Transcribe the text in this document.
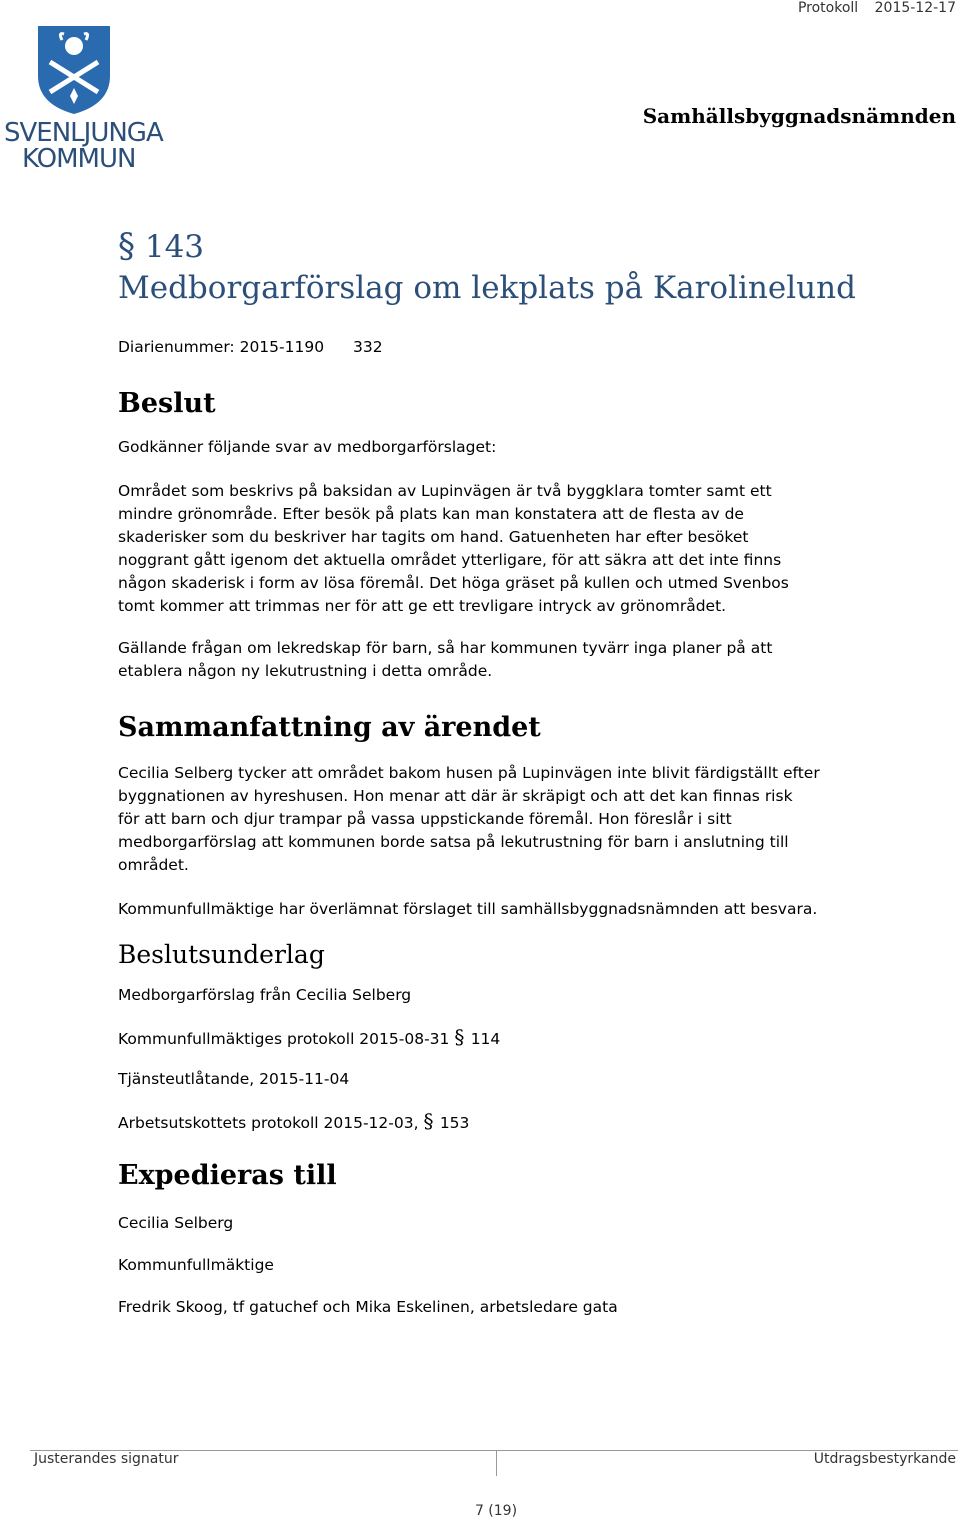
Protokoll 2015-12-17
Samhällsbyggnadsnämnden
SVENLJUNGA
KOMMUN
§ 143
Medborgarförslag om lekplats på Karolinelund
Diarienummer: 2015-1190 332
Beslut
Godkänner följande svar av medborgarförslaget:
Området som beskrivs på baksidan av Lupinvägen är två byggklara tomter samt ett
mindre grönområde. Efter besök på plats kan man konstatera att de flesta av de
skaderisker som du beskriver har tagits om hand. Gatuenheten har efter besöket
noggrant gått igenom det aktuella området ytterligare, för att säkra att det inte finns
någon skaderisk i form av lösa föremål. Det höga gräset på kullen och utmed Svenbos
tomt kommer att trimmas ner för att ge ett trevligare intryck av grönområdet.
Gällande frågan om lekredskap för barn, så har kommunen tyvärr inga planer på att
etablera någon ny lekutrustning i detta område.
Sammanfattning av ärendet
Cecilia Selberg tycker att området bakom husen på Lupinvägen inte blivit färdigställt efter
byggnationen av hyreshusen. Hon menar att där är skräpigt och att det kan finnas risk
för att barn och djur trampar på vassa uppstickande föremål. Hon föreslår i sitt
medborgarförslag att kommunen borde satsa på lekutrustning för barn i anslutning till
området.
Kommunfullmäktige har överlämnat förslaget till samhällsbyggnadsnämnden att besvara.
Beslutsunderlag
Medborgarförslag från Cecilia Selberg
Kommunfullmäktiges protokoll 2015-08-31 § 114
Tjänsteutlåtande, 2015-11-04
Arbetsutskottets protokoll 2015-12-03, § 153
Expedieras till
Cecilia Selberg
Kommunfullmäktige
Fredrik Skoog, tf gatuchef och Mika Eskelinen, arbetsledare gata
Justerandes signatur	Utdragsbestyrkande
7 (19)
